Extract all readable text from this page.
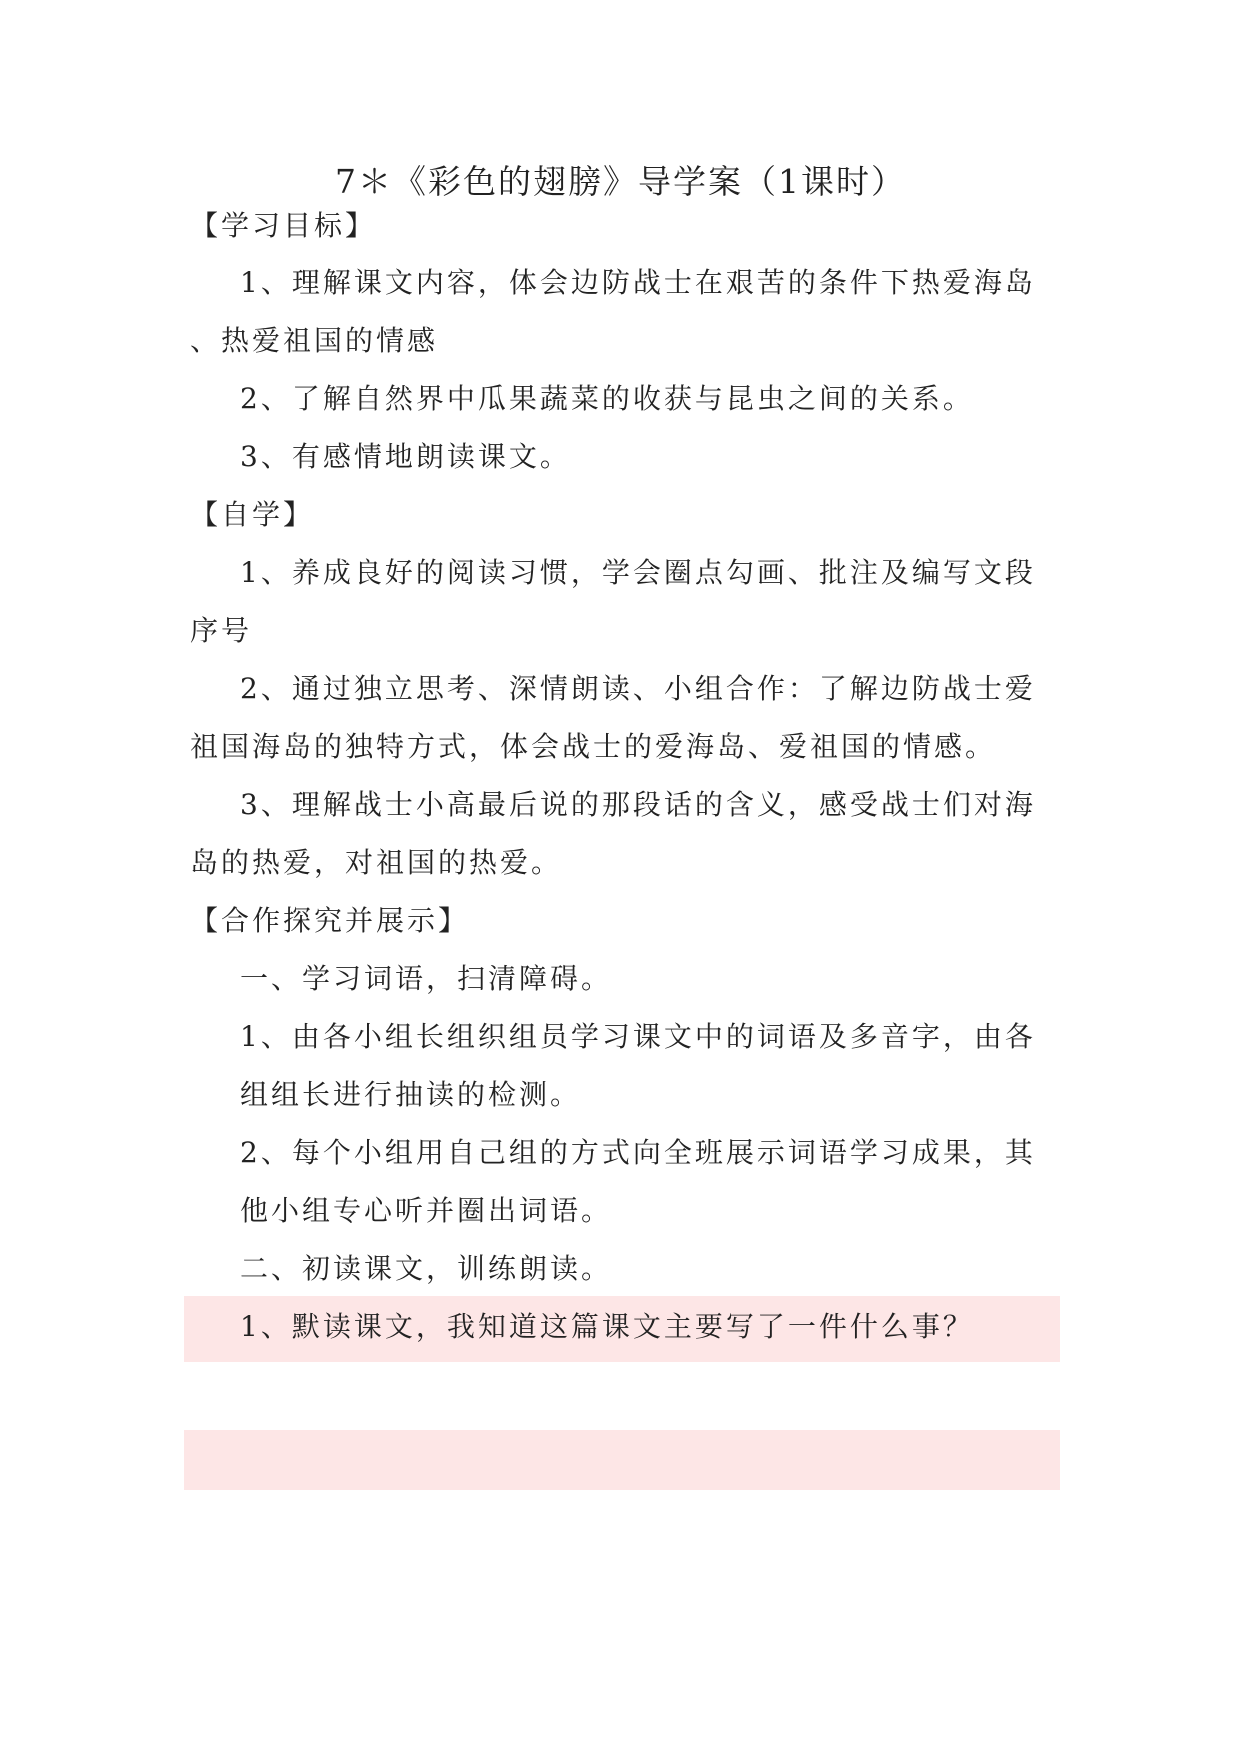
7＊《彩色的翅膀》导学案（1课时）
【学习目标】
1、理解课文内容，体会边防战士在艰苦的条件下热爱海岛
、热爱祖国的情感
2、了解自然界中瓜果蔬菜的收获与昆虫之间的关系。
3、有感情地朗读课文。
【自学】
1、养成良好的阅读习惯，学会圈点勾画、批注及编写文段
序号
2、通过独立思考、深情朗读、小组合作：了解边防战士爱
祖国海岛的独特方式，体会战士的爱海岛、爱祖国的情感。
3、理解战士小高最后说的那段话的含义，感受战士们对海
岛的热爱，对祖国的热爱。
【合作探究并展示】
一、学习词语，扫清障碍。
1、由各小组长组织组员学习课文中的词语及多音字，由各
组组长进行抽读的检测。
2、每个小组用自己组的方式向全班展示词语学习成果，其
他小组专心听并圈出词语。
二、初读课文，训练朗读。
1、默读课文，我知道这篇课文主要写了一件什么事？
